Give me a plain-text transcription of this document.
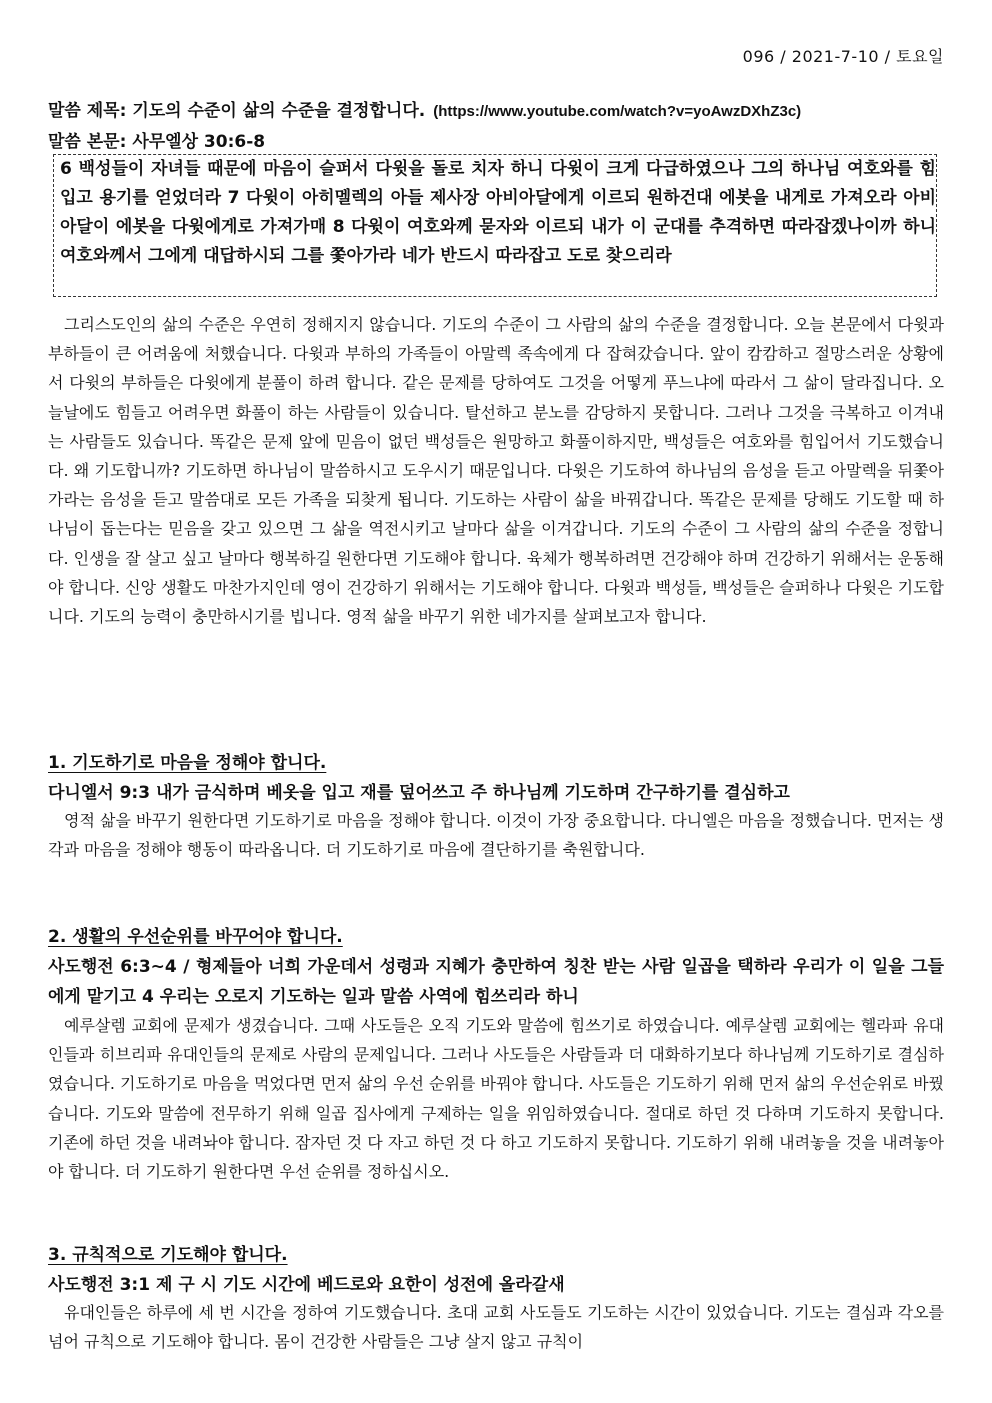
096 / 2021-7-10 / 토요일
말씀 제목: 기도의 수준이 삶의 수준을 결정합니다. (https://www.youtube.com/watch?v=yoAwzDXhZ3c)
말씀 본문: 사무엘상 30:6-8
6 백성들이 자녀들 때문에 마음이 슬퍼서 다윗을 돌로 치자 하니 다윗이 크게 다급하였으나 그의 하나님 여호와를 힘입고 용기를 얻었더라 7 다윗이 아히멜렉의 아들 제사장 아비아달에게 이르되 원하건대 에봇을 내게로 가져오라 아비아달이 에봇을 다윗에게로 가져가매 8 다윗이 여호와께 묻자와 이르되 내가 이 군대를 추격하면 따라잡겠나이까 하니 여호와께서 그에게 대답하시되 그를 쫓아가라 네가 반드시 따라잡고 도로 찾으리라

그리스도인의 삶의 수준은 우연히 정해지지 않습니다. 기도의 수준이 그 사람의 삶의 수준을 결정합니다. 오늘 본문에서 다윗과 부하들이 큰 어려움에 처했습니다. 다윗과 부하의 가족들이 아말렉 족속에게 다 잡혀갔습니다. 앞이 캄캄하고 절망스러운 상황에서 다윗의 부하들은 다윗에게 분풀이 하려 합니다. 같은 문제를 당하여도 그것을 어떻게 푸느냐에 따라서 그 삶이 달라집니다. 오늘날에도 힘들고 어려우면 화풀이 하는 사람들이 있습니다. 탈선하고 분노를 감당하지 못합니다. 그러나 그것을 극복하고 이겨내는 사람들도 있습니다. 똑같은 문제 앞에 믿음이 없던 백성들은 원망하고 화풀이하지만, 백성들은 여호와를 힘입어서 기도했습니다. 왜 기도합니까? 기도하면 하나님이 말씀하시고 도우시기 때문입니다. 다윗은 기도하여 하나님의 음성을 듣고 아말렉을 뒤쫓아 가라는 음성을 듣고 말씀대로 모든 가족을 되찾게 됩니다. 기도하는 사람이 삶을 바꿔갑니다. 똑같은 문제를 당해도 기도할 때 하나님이 돕는다는 믿음을 갖고 있으면 그 삶을 역전시키고 날마다 삶을 이겨갑니다. 기도의 수준이 그 사람의 삶의 수준을 정합니다. 인생을 잘 살고 싶고 날마다 행복하길 원한다면 기도해야 합니다. 육체가 행복하려면 건강해야 하며 건강하기 위해서는 운동해야 합니다. 신앙 생활도 마찬가지인데 영이 건강하기 위해서는 기도해야 합니다. 다윗과 백성들, 백성들은 슬퍼하나 다윗은 기도합니다. 기도의 능력이 충만하시기를 빕니다. 영적 삶을 바꾸기 위한 네가지를 살펴보고자 합니다.

1. 기도하기로 마음을 정해야 합니다.

다니엘서 9:3 내가 금식하며 베옷을 입고 재를 덮어쓰고 주 하나님께 기도하며 간구하기를 결심하고

영적 삶을 바꾸기 원한다면 기도하기로 마음을 정해야 합니다. 이것이 가장 중요합니다. 다니엘은 마음을 정했습니다. 먼저는 생각과 마음을 정해야 행동이 따라옵니다. 더 기도하기로 마음에 결단하기를 축원합니다.

2. 생활의 우선순위를 바꾸어야 합니다.

사도행전 6:3~4 / 형제들아 너희 가운데서 성령과 지혜가 충만하여 칭찬 받는 사람 일곱을 택하라 우리가 이 일을 그들에게 맡기고 4 우리는 오로지 기도하는 일과 말씀 사역에 힘쓰리라 하니

예루살렘 교회에 문제가 생겼습니다. 그때 사도들은 오직 기도와 말씀에 힘쓰기로 하였습니다. 예루살렘 교회에는 헬라파 유대인들과 히브리파 유대인들의 문제로 사람의 문제입니다. 그러나 사도들은 사람들과 더 대화하기보다 하나님께 기도하기로 결심하였습니다. 기도하기로 마음을 먹었다면 먼저 삶의 우선 순위를 바꿔야 합니다. 사도들은 기도하기 위해 먼저 삶의 우선순위로 바꿨습니다. 기도와 말씀에 전무하기 위해 일곱 집사에게 구제하는 일을 위임하였습니다. 절대로 하던 것 다하며 기도하지 못합니다. 기존에 하던 것을 내려놔야 합니다. 잠자던 것 다 자고 하던 것 다 하고 기도하지 못합니다. 기도하기 위해 내려놓을 것을 내려놓아야 합니다. 더 기도하기 원한다면 우선 순위를 정하십시오.

3. 규칙적으로 기도해야 합니다.

사도행전 3:1 제 구 시 기도 시간에 베드로와 요한이 성전에 올라갈새

유대인들은 하루에 세 번 시간을 정하여 기도했습니다. 초대 교회 사도들도 기도하는 시간이 있었습니다. 기도는 결심과 각오를 넘어 규칙으로 기도해야 합니다. 몸이 건강한 사람들은 그냥 살지 않고 규칙이
